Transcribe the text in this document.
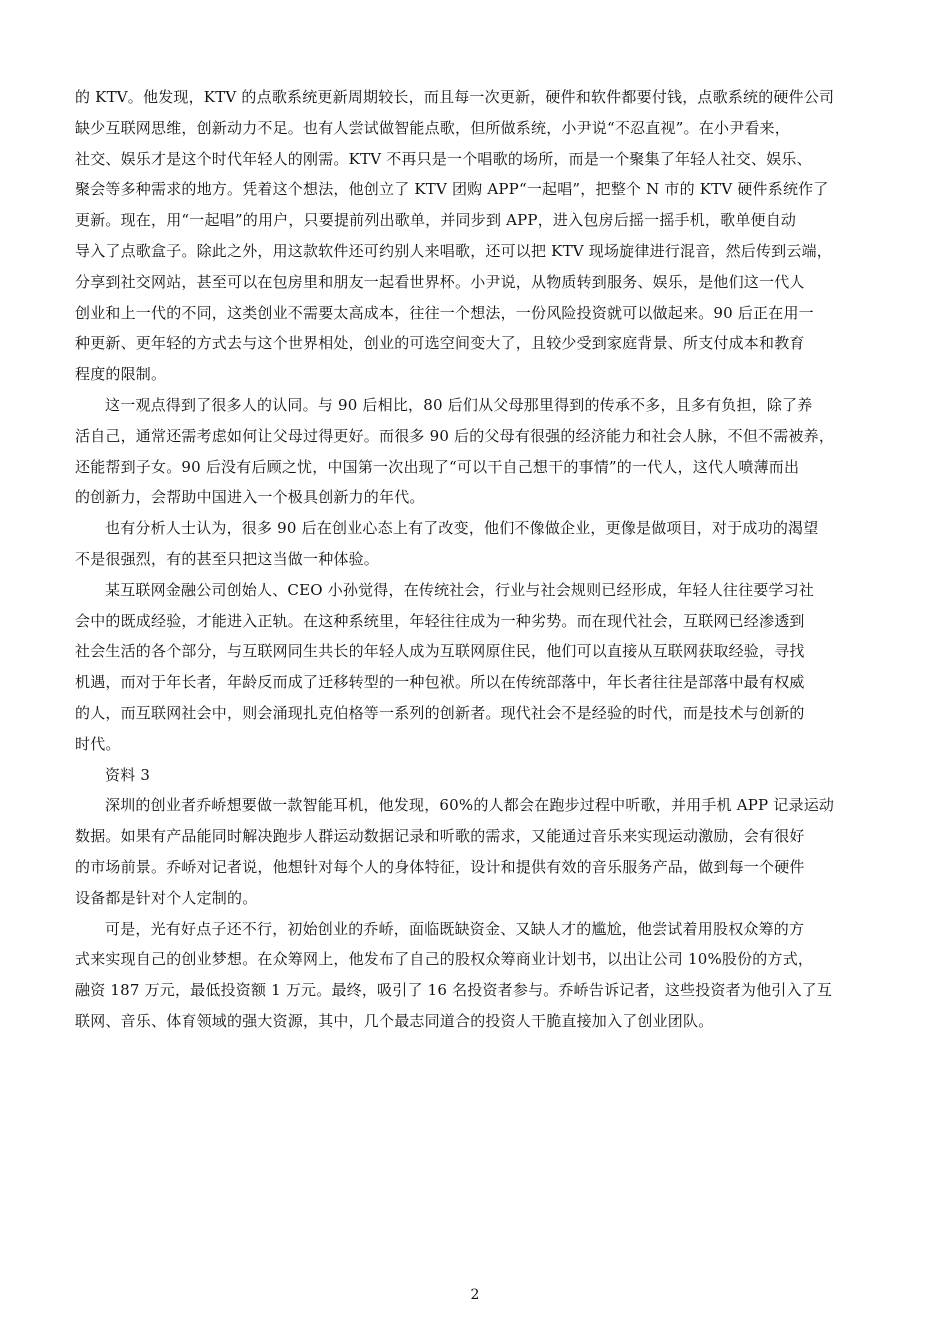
的 KTV。他发现，KTV 的点歌系统更新周期较长，而且每一次更新，硬件和软件都要付钱，点歌系统的硬件公司
缺少互联网思维，创新动力不足。也有人尝试做智能点歌，但所做系统，小尹说“不忍直视”。在小尹看来，
社交、娱乐才是这个时代年轻人的刚需。KTV 不再只是一个唱歌的场所，而是一个聚集了年轻人社交、娱乐、
聚会等多种需求的地方。凭着这个想法，他创立了 KTV 团购 APP“一起唱”，把整个 N 市的 KTV 硬件系统作了
更新。现在，用“一起唱”的用户，只要提前列出歌单，并同步到 APP，进入包房后摇一摇手机，歌单便自动
导入了点歌盒子。除此之外，用这款软件还可约别人来唱歌，还可以把 KTV 现场旋律进行混音，然后传到云端，
分享到社交网站，甚至可以在包房里和朋友一起看世界杯。小尹说，从物质转到服务、娱乐，是他们这一代人
创业和上一代的不同，这类创业不需要太高成本，往往一个想法，一份风险投资就可以做起来。90 后正在用一
种更新、更年轻的方式去与这个世界相处，创业的可选空间变大了，且较少受到家庭背景、所支付成本和教育
程度的限制。
这一观点得到了很多人的认同。与 90 后相比，80 后们从父母那里得到的传承不多，且多有负担，除了养
活自己，通常还需考虑如何让父母过得更好。而很多 90 后的父母有很强的经济能力和社会人脉，不但不需被养，
还能帮到子女。90 后没有后顾之忧，中国第一次出现了“可以干自己想干的事情”的一代人，这代人喷薄而出
的创新力，会帮助中国进入一个极具创新力的年代。
也有分析人士认为，很多 90 后在创业心态上有了改变，他们不像做企业，更像是做项目，对于成功的渴望
不是很强烈，有的甚至只把这当做一种体验。
某互联网金融公司创始人、CEO 小孙觉得，在传统社会，行业与社会规则已经形成，年轻人往往要学习社
会中的既成经验，才能进入正轨。在这种系统里，年轻往往成为一种劣势。而在现代社会，互联网已经渗透到
社会生活的各个部分，与互联网同生共长的年轻人成为互联网原住民，他们可以直接从互联网获取经验，寻找
机遇，而对于年长者，年龄反而成了迁移转型的一种包袱。所以在传统部落中，年长者往往是部落中最有权威
的人，而互联网社会中，则会涌现扎克伯格等一系列的创新者。现代社会不是经验的时代，而是技术与创新的
时代。
资料 3
深圳的创业者乔峤想要做一款智能耳机，他发现，60%的人都会在跑步过程中听歌，并用手机 APP 记录运动
数据。如果有产品能同时解决跑步人群运动数据记录和听歌的需求，又能通过音乐来实现运动激励，会有很好
的市场前景。乔峤对记者说，他想针对每个人的身体特征，设计和提供有效的音乐服务产品，做到每一个硬件
设备都是针对个人定制的。
可是，光有好点子还不行，初始创业的乔峤，面临既缺资金、又缺人才的尴尬，他尝试着用股权众筹的方
式来实现自己的创业梦想。在众筹网上，他发布了自己的股权众筹商业计划书，以出让公司 10%股份的方式，
融资 187 万元，最低投资额 1 万元。最终，吸引了 16 名投资者参与。乔峤告诉记者，这些投资者为他引入了互
联网、音乐、体育领域的强大资源，其中，几个最志同道合的投资人干脆直接加入了创业团队。
2
